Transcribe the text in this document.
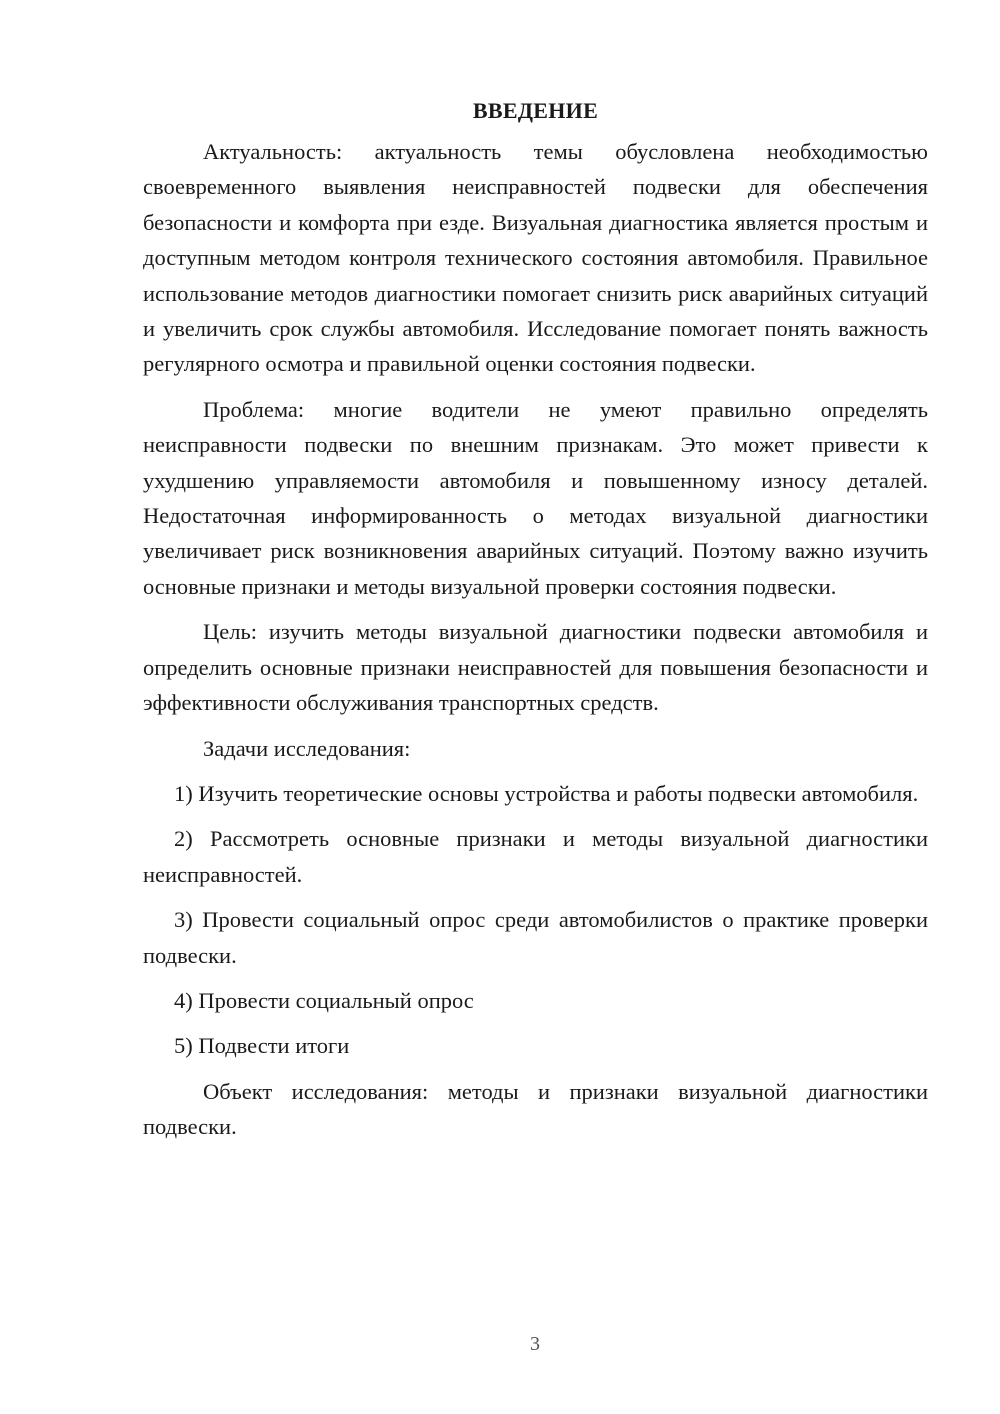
ВВЕДЕНИЕ

Актуальность: актуальность темы обусловлена необходимостью своевременного выявления неисправностей подвески для обеспечения безопасности и комфорта при езде. Визуальная диагностика является простым и доступным методом контроля технического состояния автомобиля. Правильное использование методов диагностики помогает снизить риск аварийных ситуаций и увеличить срок службы автомобиля. Исследование помогает понять важность регулярного осмотра и правильной оценки состояния подвески.

Проблема: многие водители не умеют правильно определять неисправности подвески по внешним признакам. Это может привести к ухудшению управляемости автомобиля и повышенному износу деталей. Недостаточная информированность о методах визуальной диагностики увеличивает риск возникновения аварийных ситуаций. Поэтому важно изучить основные признаки и методы визуальной проверки состояния подвески.

Цель: изучить методы визуальной диагностики подвески автомобиля и определить основные признаки неисправностей для повышения безопасности и эффективности обслуживания транспортных средств.

Задачи исследования:

1) Изучить теоретические основы устройства и работы подвески автомобиля.

2) Рассмотреть основные признаки и методы визуальной диагностики неисправностей.

3) Провести социальный опрос среди автомобилистов о практике проверки подвески.

4) Провести социальный опрос

5) Подвести итоги

Объект исследования: методы и признаки визуальной диагностики подвески.

3
